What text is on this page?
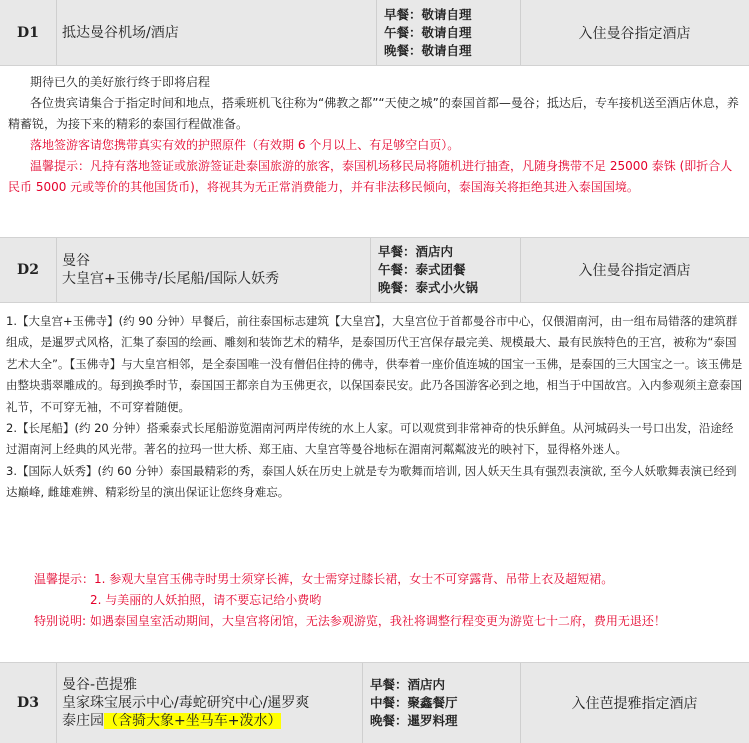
D1	抵达曼谷机场/酒店
早餐：敬请自理
午餐：敬请自理
晚餐：敬请自理
入住曼谷指定酒店

期待已久的美好旅行终于即将启程

各位贵宾请集合于指定时间和地点，搭乘班机飞往称为“佛教之都”“天使之城”的泰国首都—曼谷；抵达后，专车接机送至酒店休息，养精蓄锐，为接下来的精彩的泰国行程做准备。

落地签游客请您携带真实有效的护照原件（有效期 6 个月以上、有足够空白页）。

温馨提示：凡持有落地签证或旅游签证赴泰国旅游的旅客，泰国机场移民局将随机进行抽查，凡随身携带不足 25000 泰铢 (即折合人民币 5000 元或等价的其他国货币)，将视其为无正常消费能力，并有非法移民倾向，泰国海关将拒绝其进入泰国国境。

D2
曼谷
大皇宫+玉佛寺/长尾船/国际人妖秀
早餐：酒店内
午餐：泰式团餐
晚餐：泰式小火锅
入住曼谷指定酒店

1.【大皇宫+玉佛寺】(约 90 分钟）早餐后，前往泰国标志建筑【大皇宫】，大皇宫位于首都曼谷市中心，仅偎湄南河，由一组布局错落的建筑群组成，是暹罗式风格，汇集了泰国的绘画、雕刻和装饰艺术的精华，是泰国历代王宫保存最完美、规模最大、最有民族特色的王宫，被称为“泰国艺术大全”。【玉佛寺】与大皇宫相邻，是全泰国唯一没有僧侣住持的佛寺，供奉着一座价值连城的国宝一玉佛，是泰国的三大国宝之一。该玉佛是由整块翡翠雕成的。每到换季时节，泰国国王都亲自为玉佛更衣，以保国泰民安。此乃各国游客必到之地，相当于中国故宫。入内参观须主意泰国礼节，不可穿无袖，不可穿着随便。

2.【长尾船】(约 20 分钟）搭乘泰式长尾船游览湄南河两岸传统的水上人家。可以观赏到非常神奇的快乐鲜鱼。从河城码头一号口出发，沿途经过湄南河上经典的风光带。著名的拉玛一世大桥、郑王庙、大皇宫等曼谷地标在湄南河粼粼波光的映衬下，显得格外迷人。

3.【国际人妖秀】(约 60 分钟）泰国最精彩的秀，泰国人妖在历史上就是专为歌舞而培训, 因人妖天生具有强烈表演欲, 至今人妖歌舞表演已经到达巅峰, 雌雄难辨、精彩纷呈的演出保证让您终身难忘。

温馨提示：1. 参观大皇宫玉佛寺时男士须穿长裤，女士需穿过膝长裙，女士不可穿露背、吊带上衣及超短裙。

2. 与美丽的人妖拍照，请不要忘记给小费哟

特别说明: 如遇泰国皇室活动期间，大皇宫将闭馆，无法参观游览，我社将调整行程变更为游览七十二府，费用无退还！

D3
曼谷-芭提雅
皇家珠宝展示中心/毒蛇研究中心/暹罗爽
泰庄园（含骑大象+坐马车+泼水）
早餐：酒店内
中餐：聚鑫餐厅
晚餐：暹罗料理
入住芭提雅指定酒店
